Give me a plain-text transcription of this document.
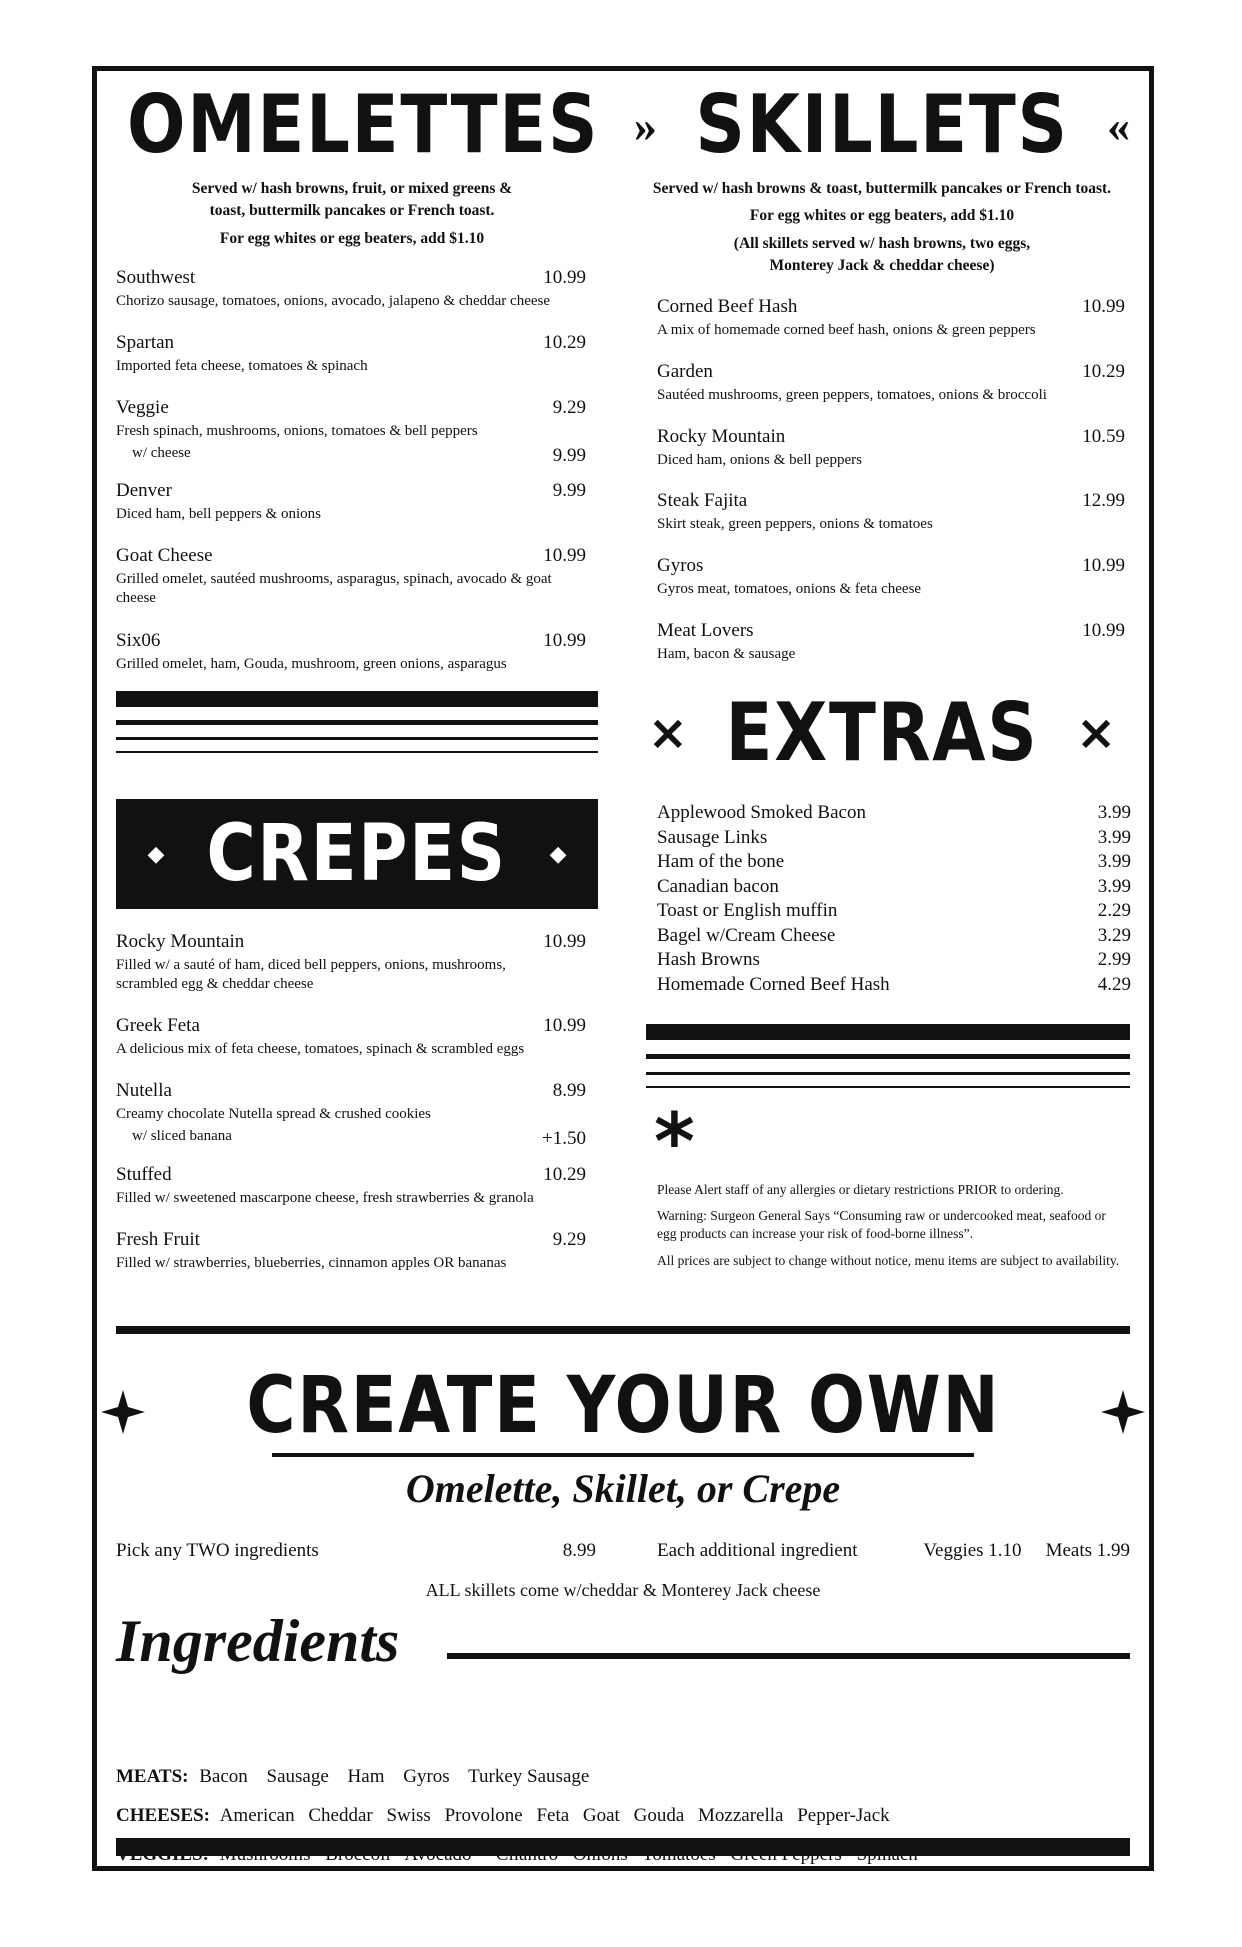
OMELETTES
Served w/ hash browns, fruit, or mixed greens &
toast, buttermilk pancakes or French toast.
For egg whites or egg beaters, add $1.10
Southwest	10.99
Chorizo sausage, tomatoes, onions, avocado, jalapeno & cheddar cheese
Spartan	10.29
Imported feta cheese, tomatoes & spinach
Veggie	9.29
Fresh spinach, mushrooms, onions, tomatoes & bell peppers
w/ cheese	9.99
Denver	9.99
Diced ham, bell peppers & onions
Goat Cheese	10.99
Grilled omelet, sautéed mushrooms, asparagus, spinach, avocado & goat cheese
Six06	10.99
Grilled omelet, ham, Gouda, mushroom, green onions, asparagus
◆ CREPES ◆
Rocky Mountain	10.99
Filled w/ a sauté of ham, diced bell peppers, onions, mushrooms, scrambled egg & cheddar cheese
Greek Feta	10.99
A delicious mix of feta cheese, tomatoes, spinach & scrambled eggs
Nutella	8.99
Creamy chocolate Nutella spread & crushed cookies
w/ sliced banana	+1.50
Stuffed	10.29
Filled w/ sweetened mascarpone cheese, fresh strawberries & granola
Fresh Fruit	9.29
Filled w/ strawberries, blueberries, cinnamon apples OR bananas
» SKILLETS «
Served w/ hash browns & toast, buttermilk pancakes or French toast.
For egg whites or egg beaters, add $1.10
(All skillets served w/ hash browns, two eggs,
Monterey Jack & cheddar cheese)
Corned Beef Hash	10.99
A mix of homemade corned beef hash, onions & green peppers
Garden	10.29
Sautéed mushrooms, green peppers, tomatoes, onions & broccoli
Rocky Mountain	10.59
Diced ham, onions & bell peppers
Steak Fajita	12.99
Skirt steak, green peppers, onions & tomatoes
Gyros	10.99
Gyros meat, tomatoes, onions & feta cheese
Meat Lovers	10.99
Ham, bacon & sausage
× EXTRAS ×
Applewood Smoked Bacon	3.99
Sausage Links	3.99
Ham of the bone	3.99
Canadian bacon	3.99
Toast or English muffin	2.29
Bagel w/Cream Cheese	3.29
Hash Browns	2.99
Homemade Corned Beef Hash	4.29
*
Please Alert staff of any allergies or dietary restrictions PRIOR to ordering.
Warning: Surgeon General Says “Consuming raw or undercooked meat, seafood or egg products can increase your risk of food-borne illness”.
All prices are subject to change without notice, menu items are subject to availability.
CREATE YOUR OWN
Omelette, Skillet, or Crepe
Pick any TWO ingredients	8.99	Each additional ingredient	Veggies 1.10 Meats 1.99
ALL skillets come w/cheddar & Monterey Jack cheese
Ingredients
MEATS: Bacon Sausage Ham Gyros Turkey Sausage
CHEESES: American Cheddar Swiss Provolone Feta Goat Gouda Mozzarella Pepper-Jack
